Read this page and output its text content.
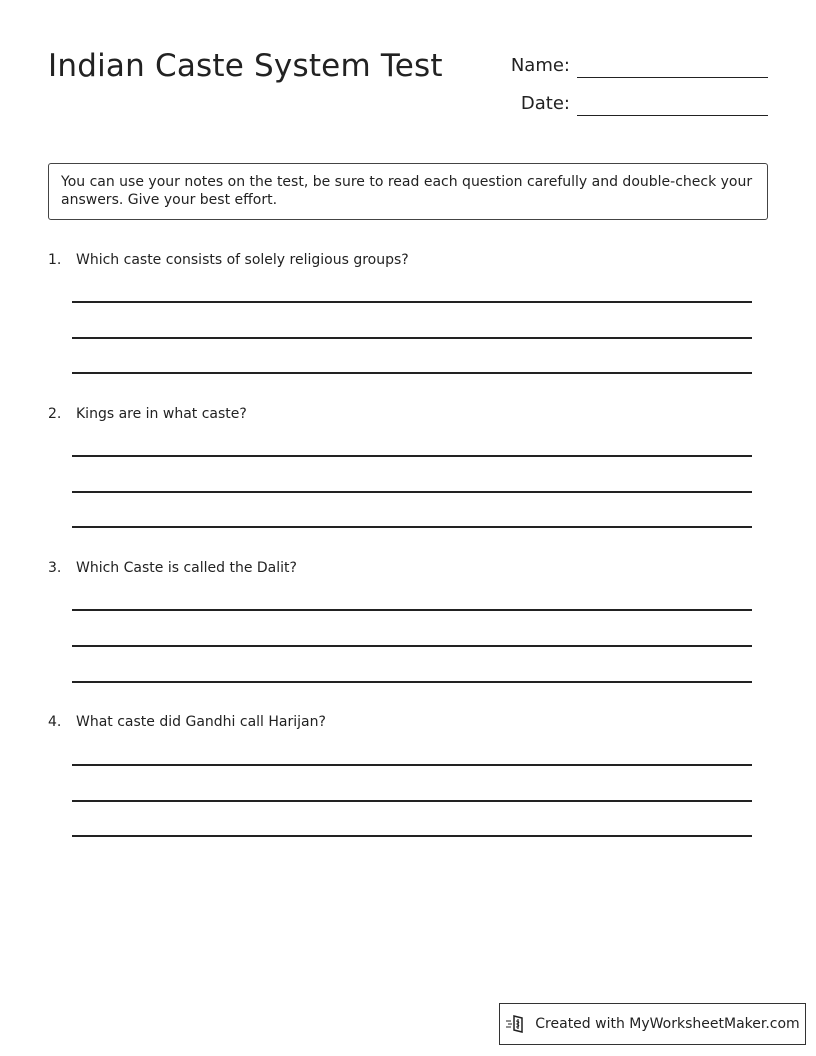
Indian Caste System Test	Name:
Date:
You can use your notes on the test, be sure to read each question carefully and double-check your answers. Give your best effort.
1.	Which caste consists of solely religious groups?
2.	Kings are in what caste?
3.	Which Caste is called the Dalit?
4.	What caste did Gandhi call Harijan?
Created with MyWorksheetMaker.com
